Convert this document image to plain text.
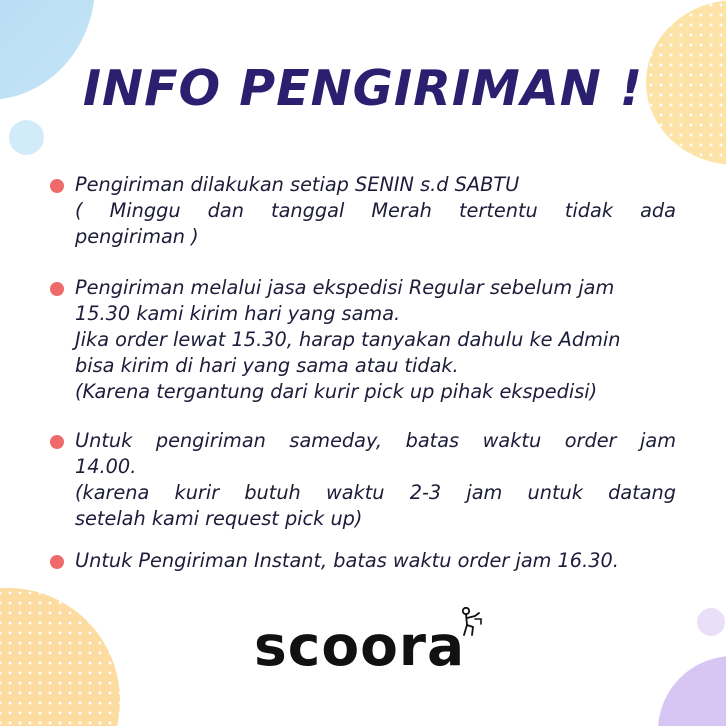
INFO PENGIRIMAN !
Pengiriman dilakukan setiap SENIN s.d SABTU
( Minggu dan tanggal Merah tertentu tidak ada
pengiriman )
Pengiriman melalui jasa ekspedisi Regular sebelum jam
15.30 kami kirim hari yang sama.
Jika order lewat 15.30, harap tanyakan dahulu ke Admin
bisa kirim di hari yang sama atau tidak.
(Karena tergantung dari kurir pick up pihak ekspedisi)
Untuk pengiriman sameday, batas waktu order jam
14.00.
(karena kurir butuh waktu 2-3 jam untuk datang
setelah kami request pick up)
Untuk Pengiriman Instant, batas waktu order jam 16.30.
scoora
